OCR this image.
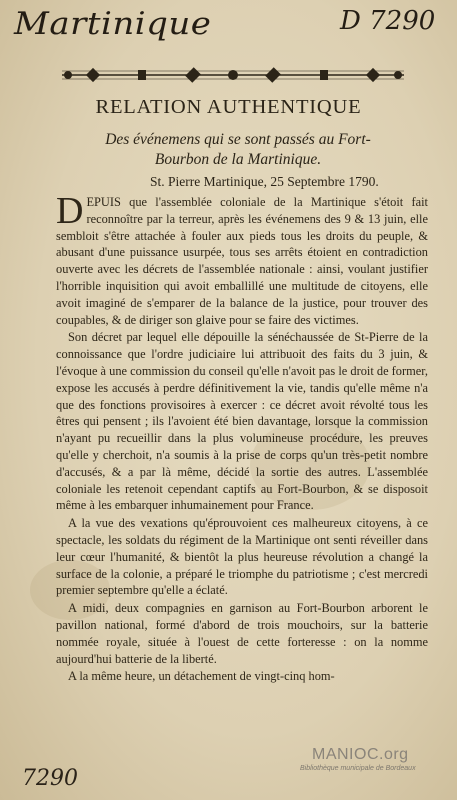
Martinique	D 7290
RELATION AUTHENTIQUE
Des événemens qui se sont passés au Fort-
Bourbon de la Martinique.
St. Pierre Martinique, 25 Septembre 1790.

DEPUIS que l'assemblée coloniale de la Martinique s'étoit fait reconnoître par la terreur, après les événemens des 9 & 13 juin, elle sembloit s'être attachée à fouler aux pieds tous les droits du peuple, & abusant d'une puissance usurpée, tous ses arrêts étoient en contradiction ouverte avec les décrets de l'assemblée nationale : ainsi, voulant justifier l'horrible inquisition qui avoit emballillé une multitude de citoyens, elle avoit imaginé de s'emparer de la balance de la justice, pour trouver des coupables, & de diriger son glaive pour se faire des victimes.

Son décret par lequel elle dépouille la sénéchaussée de St-Pierre de la connoissance que l'ordre judiciaire lui attribuoit des faits du 3 juin, & l'évoque à une commission du conseil qu'elle n'avoit pas le droit de former, expose les accusés à perdre définitivement la vie, tandis qu'elle même n'a que des fonctions provisoires à exercer : ce décret avoit révolté tous les êtres qui pensent ; ils l'avoient été bien davantage, lorsque la commission n'ayant pu recueillir dans la plus volumineuse procédure, les preuves qu'elle y cherchoit, n'a soumis à la prise de corps qu'un très-petit nombre d'accusés, & a par là même, décidé la sortie des autres. L'assemblée coloniale les retenoit cependant captifs au Fort-Bourbon, & se disposoit même à les embarquer inhumainement pour France.

A la vue des vexations qu'éprouvoient ces malheureux citoyens, à ce spectacle, les soldats du régiment de la Martinique ont senti réveiller dans leur cœur l'humanité, & bientôt la plus heureuse révolution a changé la surface de la colonie, a préparé le triomphe du patriotisme ; c'est mercredi premier septembre qu'elle a éclaté.

A midi, deux compagnies en garnison au Fort-Bourbon arborent le pavillon national, formé d'abord de trois mouchoirs, sur la batterie nommée royale, située à l'ouest de cette forteresse : on la nomme aujourd'hui batterie de la liberté.

A la même heure, un détachement de vingt-cinq hom-

MANIOC.org
Bibliothèque municipale de Bordeaux
7290
